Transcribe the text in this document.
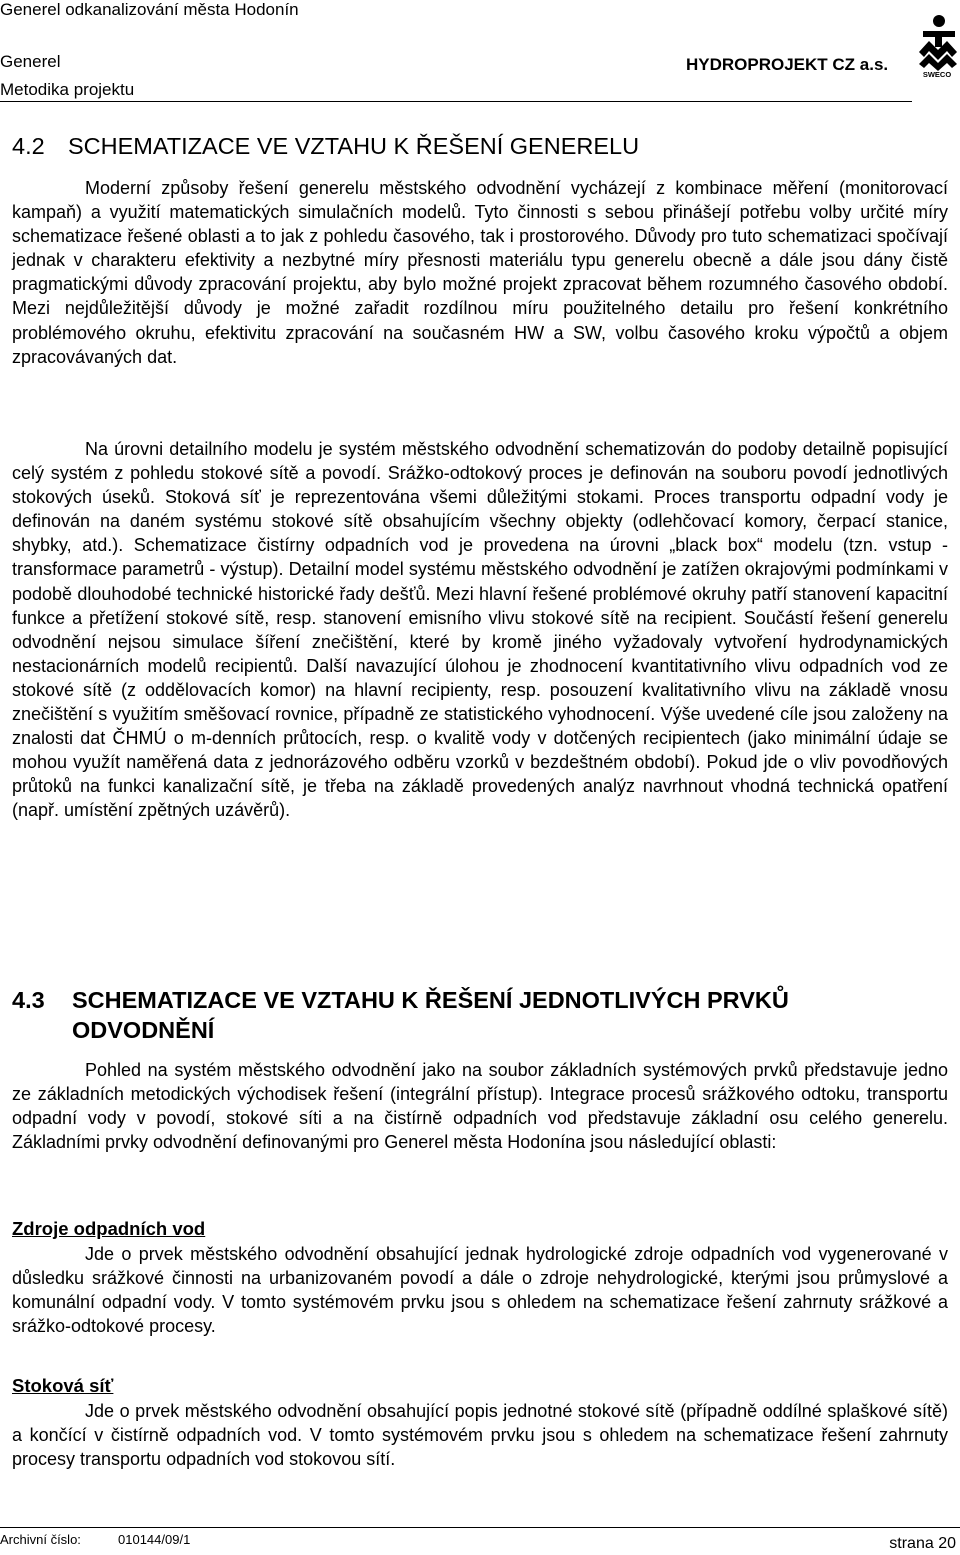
Generel odkanalizování města Hodonín
Generel
Metodika projektu
HYDROPROJEKT CZ a.s.
SWECO
4.2 SCHEMATIZACE VE VZTAHU K ŘEŠENÍ GENERELU

Moderní způsoby řešení generelu městského odvodnění vycházejí z kombinace měření (monitorovací kampaň) a využití matematických simulačních modelů. Tyto činnosti s sebou přinášejí potřebu volby určité míry schematizace řešené oblasti a to jak z pohledu časového, tak i prostorového. Důvody pro tuto schematizaci spočívají jednak v charakteru efektivity a nezbytné míry přesnosti materiálu typu generelu obecně a dále jsou dány čistě pragmatickými důvody zpracování projektu, aby bylo možné projekt zpracovat během rozumného časového období. Mezi nejdůležitější důvody je možné zařadit rozdílnou míru použitelného detailu pro řešení konkrétního problémového okruhu, efektivitu zpracování na současném HW a SW, volbu časového kroku výpočtů a objem zpracovávaných dat.

Na úrovni detailního modelu je systém městského odvodnění schematizován do podoby detailně popisující celý systém z pohledu stokové sítě a povodí. Srážko-odtokový proces je definován na souboru povodí jednotlivých stokových úseků. Stoková síť je reprezentována všemi důležitými stokami. Proces transportu odpadní vody je definován na daném systému stokové sítě obsahujícím všechny objekty (odlehčovací komory, čerpací stanice, shybky, atd.). Schematizace čistírny odpadních vod je provedena na úrovni „black box“ modelu (tzn. vstup - transformace parametrů - výstup). Detailní model systému městského odvodnění je zatížen okrajovými podmínkami v podobě dlouhodobé technické historické řady dešťů. Mezi hlavní řešené problémové okruhy patří stanovení kapacitní funkce a přetížení stokové sítě, resp. stanovení emisního vlivu stokové sítě na recipient. Součástí řešení generelu odvodnění nejsou simulace šíření znečištění, které by kromě jiného vyžadovaly vytvoření hydrodynamických nestacionárních modelů recipientů. Další navazující úlohou je zhodnocení kvantitativního vlivu odpadních vod ze stokové sítě (z oddělovacích komor) na hlavní recipienty, resp. posouzení kvalitativního vlivu na základě vnosu znečištění s využitím směšovací rovnice, případně ze statistického vyhodnocení. Výše uvedené cíle jsou založeny na znalosti dat ČHMÚ o m-denních průtocích, resp. o kvalitě vody v dotčených recipientech (jako minimální údaje se mohou využít naměřená data z jednorázového odběru vzorků v bezdeštném období). Pokud jde o vliv povodňových průtoků na funkci kanalizační sítě, je třeba na základě provedených analýz navrhnout vhodná technická opatření (např. umístění zpětných uzávěrů).

4.3 SCHEMATIZACE VE VZTAHU K ŘEŠENÍ JEDNOTLIVÝCH PRVKŮ ODVODNĚNÍ

Pohled na systém městského odvodnění jako na soubor základních systémových prvků představuje jedno ze základních metodických východisek řešení (integrální přístup). Integrace procesů srážkového odtoku, transportu odpadní vody v povodí, stokové síti a na čistírně odpadních vod představuje základní osu celého generelu. Základními prvky odvodnění definovanými pro Generel města Hodonína jsou následující oblasti:

Zdroje odpadních vod

Jde o prvek městského odvodnění obsahující jednak hydrologické zdroje odpadních vod vygenerované v důsledku srážkové činnosti na urbanizovaném povodí a dále o zdroje nehydrologické, kterými jsou průmyslové a komunální odpadní vody. V tomto systémovém prvku jsou s ohledem na schematizace řešení zahrnuty srážkové a srážko-odtokové procesy.

Stoková síť

Jde o prvek městského odvodnění obsahující popis jednotné stokové sítě (případně oddílné splaškové sítě) a končící v čistírně odpadních vod. V tomto systémovém prvku jsou s ohledem na schematizace řešení zahrnuty procesy transportu odpadních vod stokovou sítí.

Archivní číslo:	010144/09/1	strana 20
